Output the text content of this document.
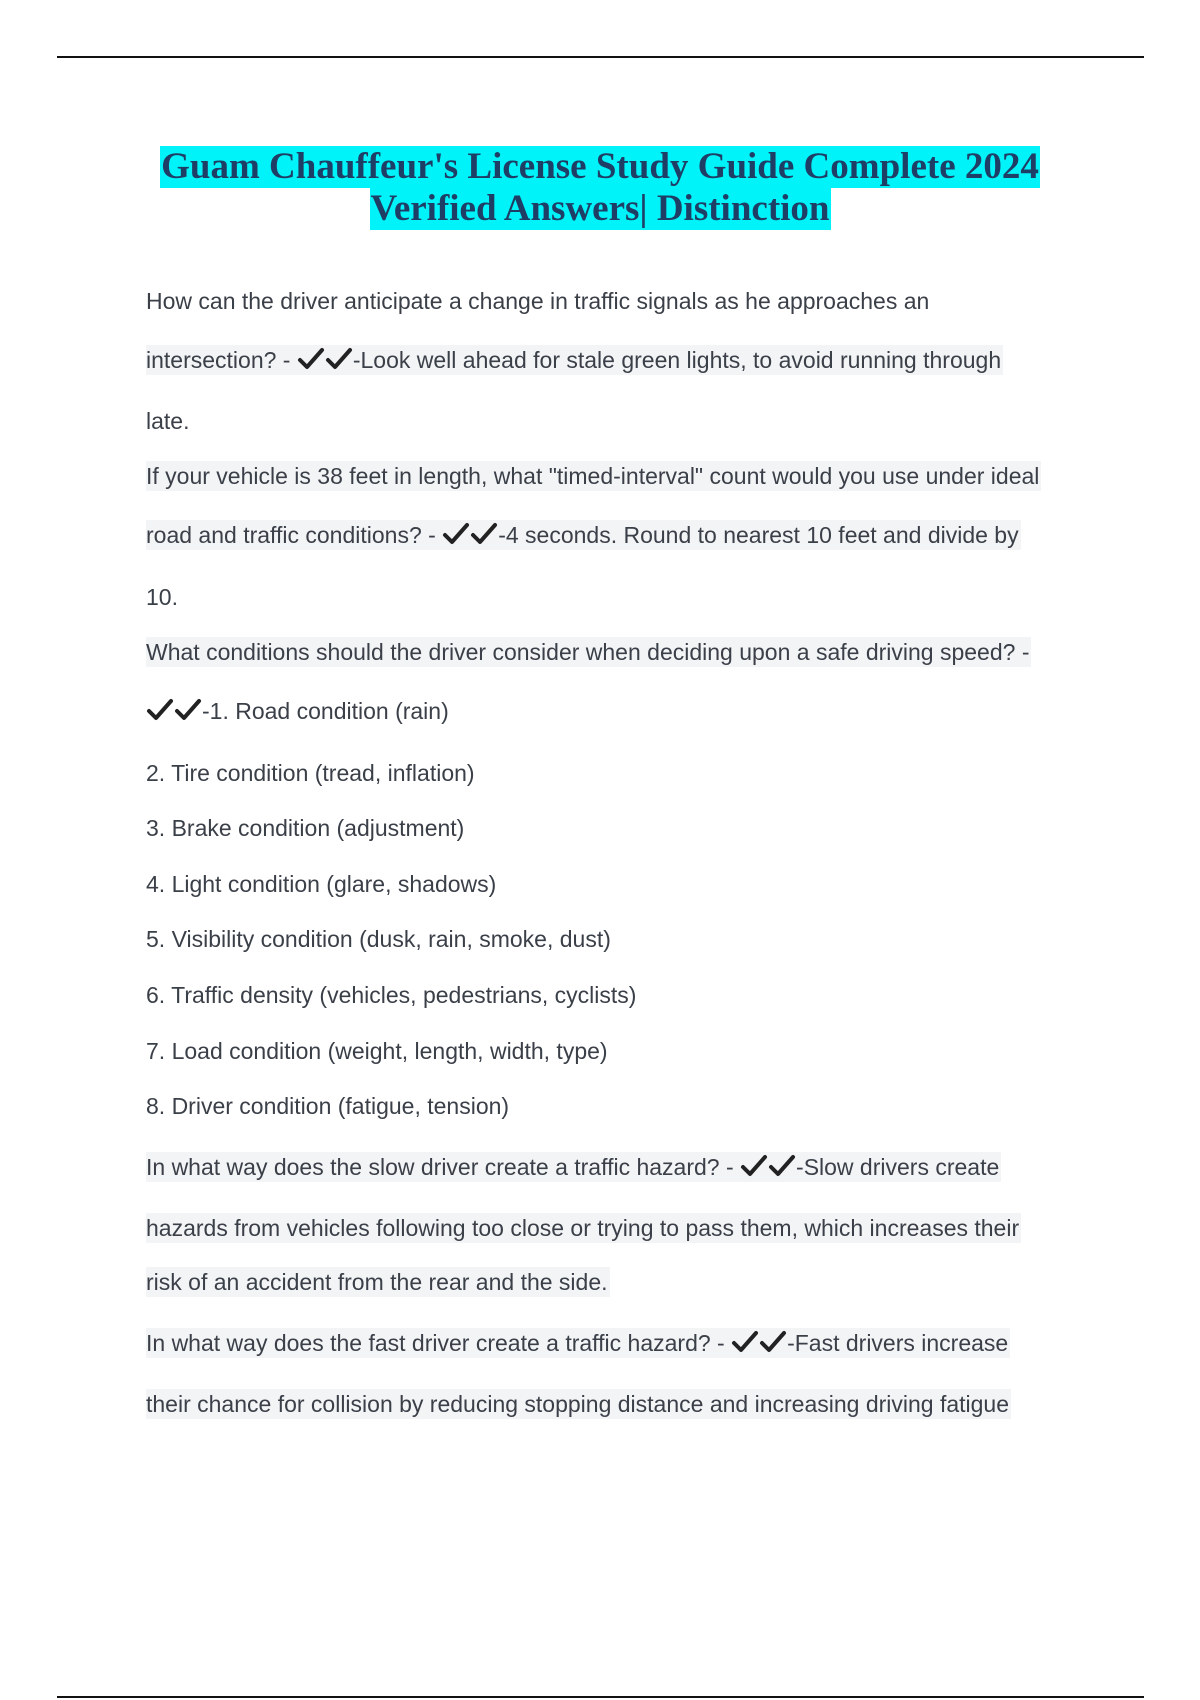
Guam Chauffeur's License Study Guide Complete 2024
Verified Answers| Distinction
How can the driver anticipate a change in traffic signals as he approaches an
intersection? -
-Look well ahead for stale green lights, to avoid running through
late.
If your vehicle is 38 feet in length, what "timed-interval" count would you use under ideal
road and traffic conditions? -
-4 seconds. Round to nearest 10 feet and divide by
10.
What conditions should the driver consider when deciding upon a safe driving speed? -
-1. Road condition (rain)
2. Tire condition (tread, inflation)
3. Brake condition (adjustment)
4. Light condition (glare, shadows)
5. Visibility condition (dusk, rain, smoke, dust)
6. Traffic density (vehicles, pedestrians, cyclists)
7. Load condition (weight, length, width, type)
8. Driver condition (fatigue, tension)
In what way does the slow driver create a traffic hazard? -
-Slow drivers create
hazards from vehicles following too close or trying to pass them, which increases their
risk of an accident from the rear and the side.
In what way does the fast driver create a traffic hazard? -
-Fast drivers increase
their chance for collision by reducing stopping distance and increasing driving fatigue
